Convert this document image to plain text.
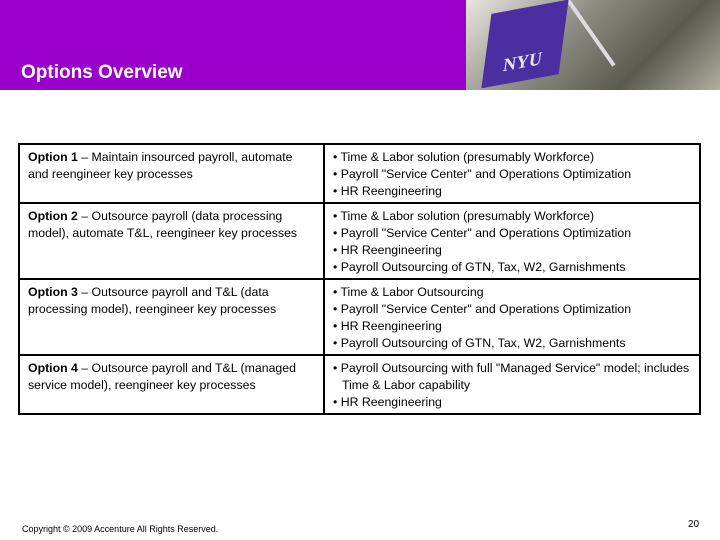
Options Overview	NYU
Option 1 – Maintain insourced payroll, automate and reengineer key processes	• Time & Labor solution (presumably Workforce)
• Payroll "Service Center" and Operations Optimization
• HR Reengineering

Option 2 – Outsource payroll (data processing model), automate T&L, reengineer key processes	• Time & Labor solution (presumably Workforce)
• Payroll "Service Center" and Operations Optimization
• HR Reengineering
• Payroll Outsourcing of GTN, Tax, W2, Garnishments

Option 3 – Outsource payroll and T&L (data processing model), reengineer key processes	• Time & Labor Outsourcing
• Payroll "Service Center" and Operations Optimization
• HR Reengineering
• Payroll Outsourcing of GTN, Tax, W2, Garnishments

Option 4 – Outsource payroll and T&L (managed service model), reengineer key processes	• Payroll Outsourcing with full "Managed Service" model; includes Time & Labor capability
• HR Reengineering
Copyright © 2009 Accenture All Rights Reserved.	20
